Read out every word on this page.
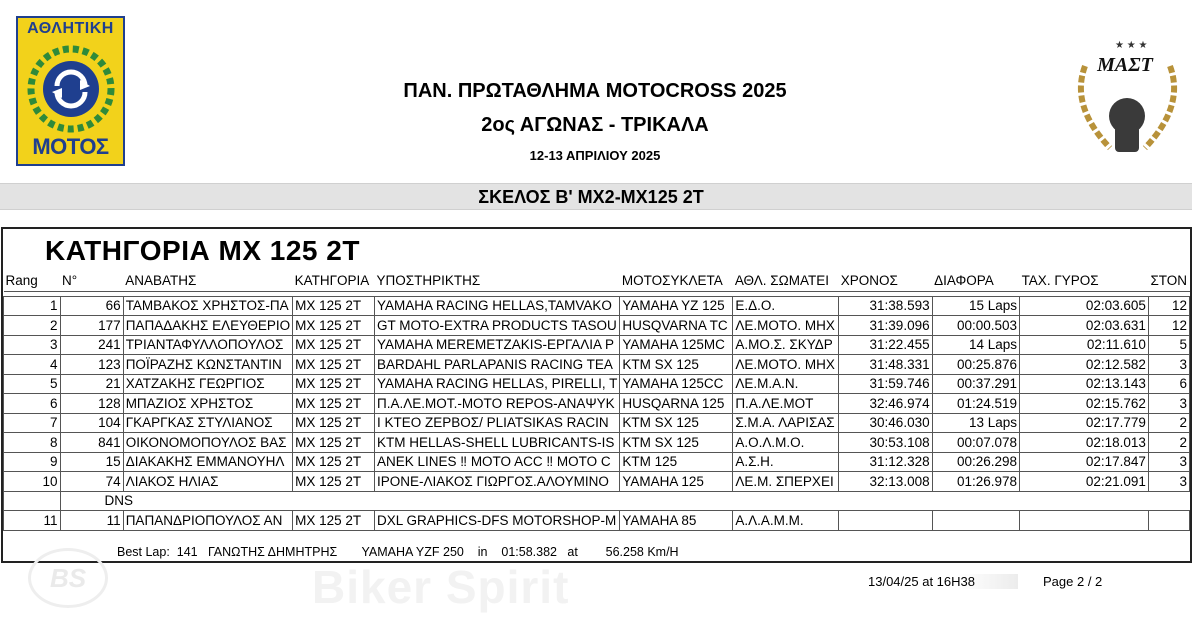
ΑΘΛΗΤΙΚΗ
ΜΟΤΟΣ
★ ★ ★
ΜΑΣΤ
ΠΑΝ. ΠΡΩΤΑΘΛΗΜΑ MOTOCROSS 2025
2ος ΑΓΩΝΑΣ - ΤΡΙΚΑΛΑ
12-13 ΑΠΡΙΛΙΟΥ 2025
ΣΚΕΛΟΣ Β' MX2-MX125 2T
ΚΑΤΗΓΟΡΙΑ MX 125 2T
Rang	N°	ΑΝΑΒΑΤΗΣ	ΚΑΤΗΓΟΡΙΑ	ΥΠΟΣΤΗΡΙΚΤΗΣ	ΜΟΤΟΣΥΚΛΕΤΑ	ΑΘΛ. ΣΩΜΑΤΕΙ	ΧΡΟΝΟΣ	ΔΙΑΦΟΡΑ	ΤΑΧ. ΓΥΡΟΣ	ΣΤΟΝ

1	66	ΤΑΜΒΑΚΟΣ ΧΡΗΣΤΟΣ-ΠΑ	MX 125 2T	YAMAHA RACING HELLAS,TAMVAKO	YAMAHA YZ 125	Ε.Δ.Ο.	31:38.593	15 Laps	02:03.605	12
2	177	ΠΑΠΑΔΑΚΗΣ ΕΛΕΥΘΕΡΙΟ	MX 125 2T	GT MOTO-EXTRA PRODUCTS TASOU	HUSQVARNA TC	ΛΕ.ΜΟΤΟ. ΜΗΧ	31:39.096	00:00.503	02:03.631	12
3	241	ΤΡΙΑΝΤΑΦΥΛΛΟΠΟΥΛΟΣ	MX 125 2T	YAMAHA MEREMETZAKIS-ΕΡΓΑΛΙΑ Ρ	YAMAHA 125MC	Α.ΜΟ.Σ. ΣΚΥΔΡ	31:22.455	14 Laps	02:11.610	5
4	123	ΠΟΪΡΑΖΗΣ ΚΩΝΣΤΑΝΤΙΝ	MX 125 2T	BARDAHL PARLAPANIS RACING TEA	KTM SX 125	ΛΕ.ΜΟΤΟ. ΜΗΧ	31:48.331	00:25.876	02:12.582	3
5	21	ΧΑΤΖΑΚΗΣ ΓΕΩΡΓΙΟΣ	MX 125 2T	YAMAHA RACING HELLAS, PIRELLI, T	YAMAHA 125CC	ΛΕ.Μ.Α.Ν.	31:59.746	00:37.291	02:13.143	6
6	128	ΜΠΑΖΙΟΣ ΧΡΗΣΤΟΣ	MX 125 2T	Π.Α.ΛΕ.ΜΟΤ.-MOTO REPOS-ΑΝΑΨΥΚ	HUSQARNA 125	Π.Α.ΛΕ.ΜΟΤ	32:46.974	01:24.519	02:15.762	3
7	104	ΓΚΑΡΓΚΑΣ ΣΤΥΛΙΑΝΟΣ	MX 125 2T	Ι ΚΤΕΟ ΖΕΡΒΟΣ/ PLIATSIKAS RACIN	KTM SX 125	Σ.Μ.Α. ΛΑΡΙΣΑΣ	30:46.030	13 Laps	02:17.779	2
8	841	ΟΙΚΟΝΟΜΟΠΟΥΛΟΣ ΒΑΣ	MX 125 2T	KTM HELLAS-SHELL LUBRICANTS-IS	KTM SX 125	Α.Ο.Λ.Μ.Ο.	30:53.108	00:07.078	02:18.013	2
9	15	ΔΙΑΚΑΚΗΣ ΕΜΜΑΝΟΥΗΛ	MX 125 2T	ANEK LINES ‼ MOTO ACC ‼ MOTO C	KTM 125	Α.Σ.Η.	31:12.328	00:26.298	02:17.847	3
10	74	ΛΙΑΚΟΣ ΗΛΙΑΣ	MX 125 2T	ΙΡΟΝΕ-ΛΙΑΚΟΣ ΓΙΩΡΓΟΣ.ΑΛΟΥΜΙΝΟ	YAMAHA 125	ΛΕ.Μ. ΣΠΕΡΧΕΙ	32:13.008	01:26.978	02:21.091	3
	DNS									
11	11	ΠΑΠΑΝΔΡΙΟΠΟΥΛΟΣ ΑΝ	MX 125 2T	DXL GRAPHICS-DFS MOTORSHOP-M	YAMAHA 85	Α.Λ.Α.Μ.Μ.				
Best Lap:  141   ΓΑΝΩΤΗΣ ΔΗΜΗΤΡΗΣ       YAMAHA YZF 250    in    01:58.382   at        56.258 Km/H
BS	Biker Spirit	13/04/25 at 16H38	Page 2 / 2
